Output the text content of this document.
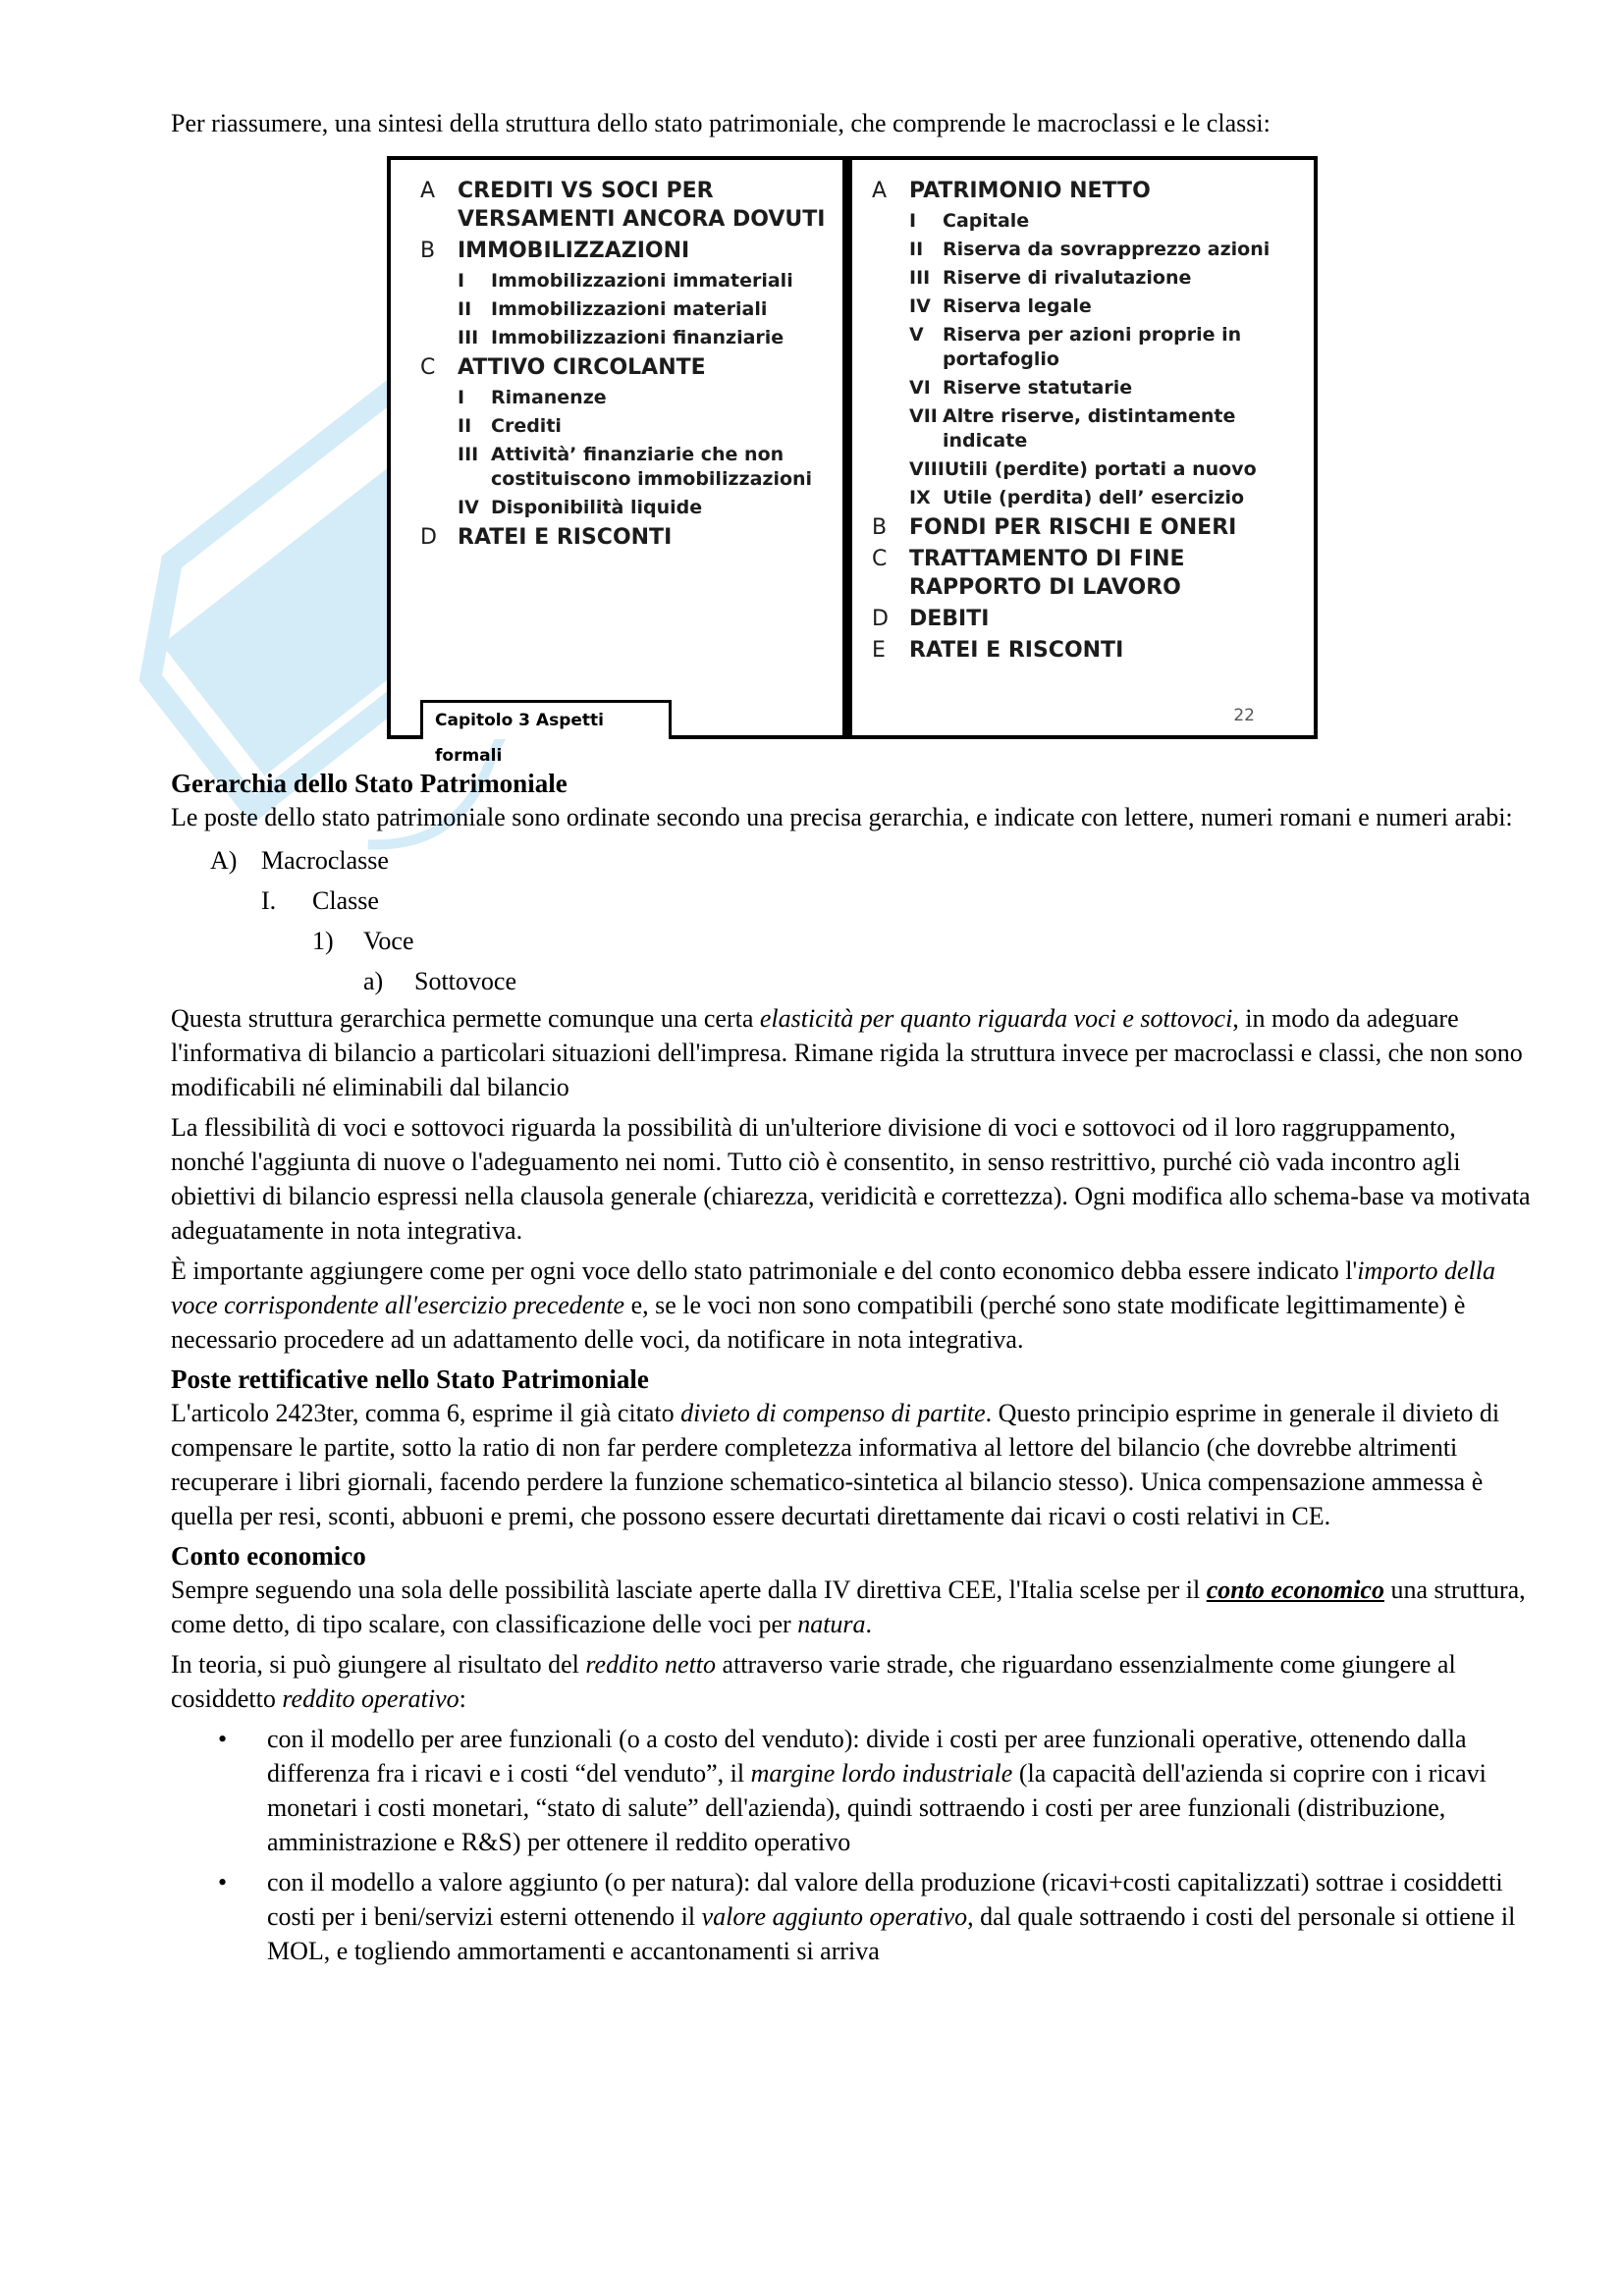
Per riassumere, una sintesi della struttura dello stato patrimoniale, che comprende le macroclassi e le classi:

A	CREDITI VS SOCI PER VERSAMENTI ANCORA DOVUTI
B	IMMOBILIZZAZIONI
I	Immobilizzazioni immateriali
II	Immobilizzazioni materiali
III Immobilizzazioni finanziarie
C	ATTIVO CIRCOLANTE
I	Rimanenze
II	Crediti
III Attività’ finanziarie che non costituiscono immobilizzazioni
IV Disponibilità liquide
D RATEI E RISCONTI
A	PATRIMONIO NETTO
I	Capitale
II	Riserva da sovrapprezzo azioni
III Riserve di rivalutazione
IV Riserva legale
V	Riserva per azioni proprie in portafoglio
VI Riserve statutarie
VII Altre riserve, distintamente indicate
VIII Utili (perdite) portati a nuovo
IX Utile (perdita) dell’ esercizio
B	FONDI PER RISCHI E ONERI
C	TRATTAMENTO DI FINE RAPPORTO DI LAVORO
D DEBITI
E	RATEI E RISCONTI
Capitolo 3 Aspetti formali
22
Gerarchia dello Stato Patrimoniale

Le poste dello stato patrimoniale sono ordinate secondo una precisa gerarchia, e indicate con lettere, numeri romani e numeri arabi:

A) Macroclasse
I. Classe
1) Voce
a) Sottovoce

Questa struttura gerarchica permette comunque una certa elasticità per quanto riguarda voci e sottovoci, in modo da adeguare l'informativa di bilancio a particolari situazioni dell'impresa. Rimane rigida la struttura invece per macroclassi e classi, che non sono modificabili né eliminabili dal bilancio

La flessibilità di voci e sottovoci riguarda la possibilità di un'ulteriore divisione di voci e sottovoci od il loro raggruppamento, nonché l'aggiunta di nuove o l'adeguamento nei nomi. Tutto ciò è consentito, in senso restrittivo, purché ciò vada incontro agli obiettivi di bilancio espressi nella clausola generale (chiarezza, veridicità e correttezza). Ogni modifica allo schema-base va motivata adeguatamente in nota integrativa.

È importante aggiungere come per ogni voce dello stato patrimoniale e del conto economico debba essere indicato l'importo della voce corrispondente all'esercizio precedente e, se le voci non sono compatibili (perché sono state modificate legittimamente) è necessario procedere ad un adattamento delle voci, da notificare in nota integrativa.

Poste rettificative nello Stato Patrimoniale

L'articolo 2423ter, comma 6, esprime il già citato divieto di compenso di partite. Questo principio esprime in generale il divieto di compensare le partite, sotto la ratio di non far perdere completezza informativa al lettore del bilancio (che dovrebbe altrimenti recuperare i libri giornali, facendo perdere la funzione schematico-sintetica al bilancio stesso). Unica compensazione ammessa è quella per resi, sconti, abbuoni e premi, che possono essere decurtati direttamente dai ricavi o costi relativi in CE.

Conto economico

Sempre seguendo una sola delle possibilità lasciate aperte dalla IV direttiva CEE, l'Italia scelse per il conto economico una struttura, come detto, di tipo scalare, con classificazione delle voci per natura.

In teoria, si può giungere al risultato del reddito netto attraverso varie strade, che riguardano essenzialmente come giungere al cosiddetto reddito operativo:

• con il modello per aree funzionali (o a costo del venduto): divide i costi per aree funzionali operative, ottenendo dalla differenza fra i ricavi e i costi “del venduto”, il margine lordo industriale (la capacità dell'azienda si coprire con i ricavi monetari i costi monetari, “stato di salute” dell'azienda), quindi sottraendo i costi per aree funzionali (distribuzione, amministrazione e R&S) per ottenere il reddito operativo
• con il modello a valore aggiunto (o per natura): dal valore della produzione (ricavi+costi capitalizzati) sottrae i cosiddetti costi per i beni/servizi esterni ottenendo il valore aggiunto operativo, dal quale sottraendo i costi del personale si ottiene il MOL, e togliendo ammortamenti e accantonamenti si arriva
